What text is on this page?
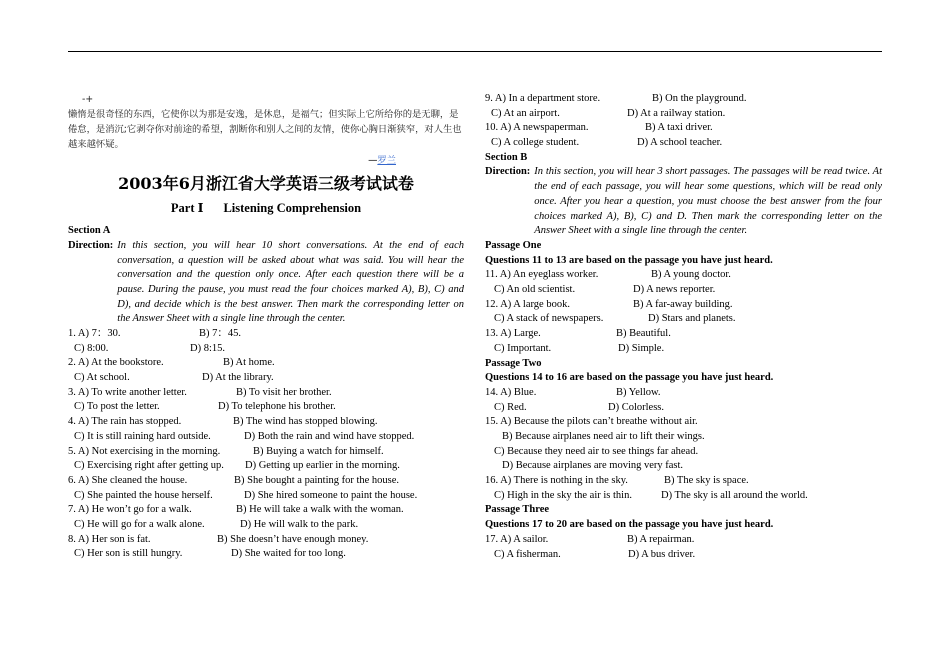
-+
懒惰是很奇怪的东西，它使你以为那是安逸，是休息，是福气；但实际上它所给你的是无聊，是倦怠，是消沉;它剥夺你对前途的希望，割断你和别人之间的友情，使你心胸日渐狭窄，对人生也越来越怀疑。
—罗兰
2003年6月浙江省大学英语三级考试试卷
Part Ⅰ Listening Comprehension
Section A
Direction: In this section, you will hear 10 short conversations. At the end of each conversation, a question will be asked about what was said. You will hear the conversation and the question only once. After each question there will be a pause. During the pause, you must read the four choices marked A), B), C) and D), and decide which is the best answer. Then mark the corresponding letter on the Answer Sheet with a single line through the center.
1. A) 7：30.	B) 7：45.
C) 8:00.	D) 8:15.
2. A) At the bookstore.	B) At home.
C) At school.	D) At the library.
3. A) To write another letter.	B) To visit her brother.
C) To post the letter.	D) To telephone his brother.
4. A) The rain has stopped.	B) The wind has stopped blowing.
C) It is still raining hard outside.	D) Both the rain and wind have stopped.
5. A) Not exercising in the morning.	B) Buying a watch for himself.
C) Exercising right after getting up. D) Getting up earlier in the morning.
6. A) She cleaned the house.	B) She bought a painting for the house.
C) She painted the house herself.	D) She hired someone to paint the house.
7. A) He won’t go for a walk.	B) He will take a walk with the woman.
C) He will go for a walk alone.	D) He will walk to the park.
8. A) Her son is fat.	B) She doesn’t have enough money.
C) Her son is still hungry.	D) She waited for too long.
9. A) In a department store.	B) On the playground.
C) At an airport.	D) At a railway station.
10. A) A newspaperman.	B) A taxi driver.
C) A college student.	D) A school teacher.
Section B
Direction: In this section, you will hear 3 short passages. The passages will be read twice. At the end of each passage, you will hear some questions, which will be read only once. After you hear a question, you must choose the best answer from the four choices marked A), B), C) and D. Then mark the corresponding letter on the Answer Sheet with a single line through the center.
Passage One
Questions 11 to 13 are based on the passage you have just heard.
11. A) An eyeglass worker.	B) A young doctor.
C) An old scientist.	D) A news reporter.
12. A) A large book.	B) A far-away building.
C) A stack of newspapers.	D) Stars and planets.
13. A) Large.	B) Beautiful.
C) Important.	D) Simple.
Passage Two
Questions 14 to 16 are based on the passage you have just heard.
14. A) Blue.	B) Yellow.
C) Red.	D) Colorless.
15. A) Because the pilots can’t breathe without air.
B) Because airplanes need air to lift their wings.
C) Because they need air to see things far ahead.
D) Because airplanes are moving very fast.
16. A) There is nothing in the sky.	B) The sky is space.
C) High in the sky the air is thin.	D) The sky is all around the world.
Passage Three
Questions 17 to 20 are based on the passage you have just heard.
17. A) A sailor.	B) A repairman.
C) A fisherman.	D) A bus driver.
